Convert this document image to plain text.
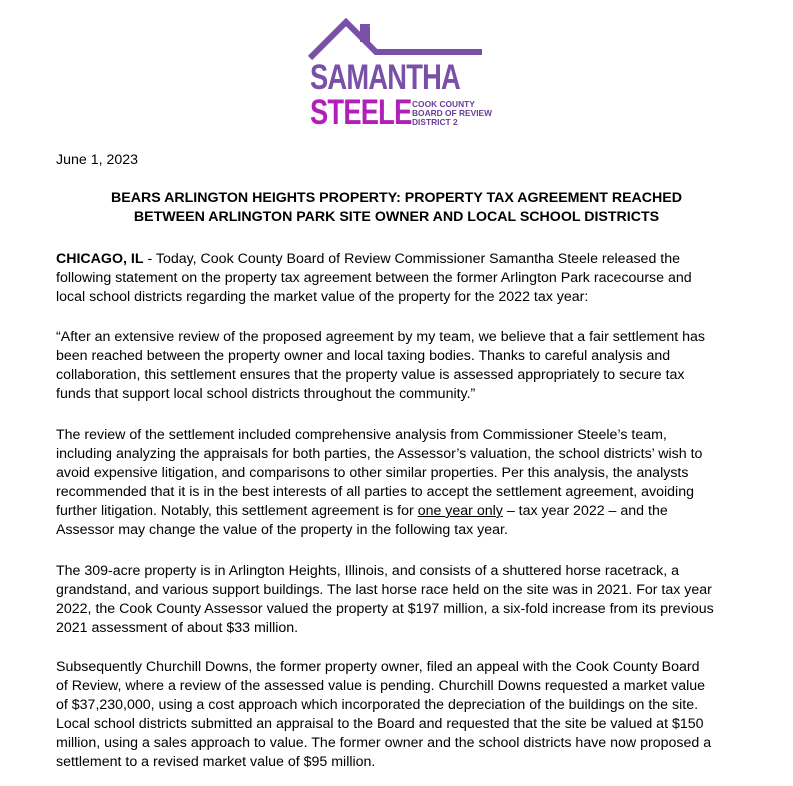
SAMANTHA
STEELE COOK COUNTY
BOARD OF REVIEW
DISTRICT 2
June 1, 2023
BEARS ARLINGTON HEIGHTS PROPERTY: PROPERTY TAX AGREEMENT REACHED
BETWEEN ARLINGTON PARK SITE OWNER AND LOCAL SCHOOL DISTRICTS
CHICAGO, IL - Today, Cook County Board of Review Commissioner Samantha Steele released the
following statement on the property tax agreement between the former Arlington Park racecourse and
local school districts regarding the market value of the property for the 2022 tax year:
“After an extensive review of the proposed agreement by my team, we believe that a fair settlement has
been reached between the property owner and local taxing bodies. Thanks to careful analysis and
collaboration, this settlement ensures that the property value is assessed appropriately to secure tax
funds that support local school districts throughout the community.”
The review of the settlement included comprehensive analysis from Commissioner Steele’s team,
including analyzing the appraisals for both parties, the Assessor’s valuation, the school districts’ wish to
avoid expensive litigation, and comparisons to other similar properties. Per this analysis, the analysts
recommended that it is in the best interests of all parties to accept the settlement agreement, avoiding
further litigation. Notably, this settlement agreement is for one year only – tax year 2022 – and the
Assessor may change the value of the property in the following tax year.
The 309-acre property is in Arlington Heights, Illinois, and consists of a shuttered horse racetrack, a
grandstand, and various support buildings. The last horse race held on the site was in 2021. For tax year
2022, the Cook County Assessor valued the property at $197 million, a six-fold increase from its previous
2021 assessment of about $33 million.
Subsequently Churchill Downs, the former property owner, filed an appeal with the Cook County Board
of Review, where a review of the assessed value is pending. Churchill Downs requested a market value
of $37,230,000, using a cost approach which incorporated the depreciation of the buildings on the site.
Local school districts submitted an appraisal to the Board and requested that the site be valued at $150
million, using a sales approach to value. The former owner and the school districts have now proposed a
settlement to a revised market value of $95 million.
